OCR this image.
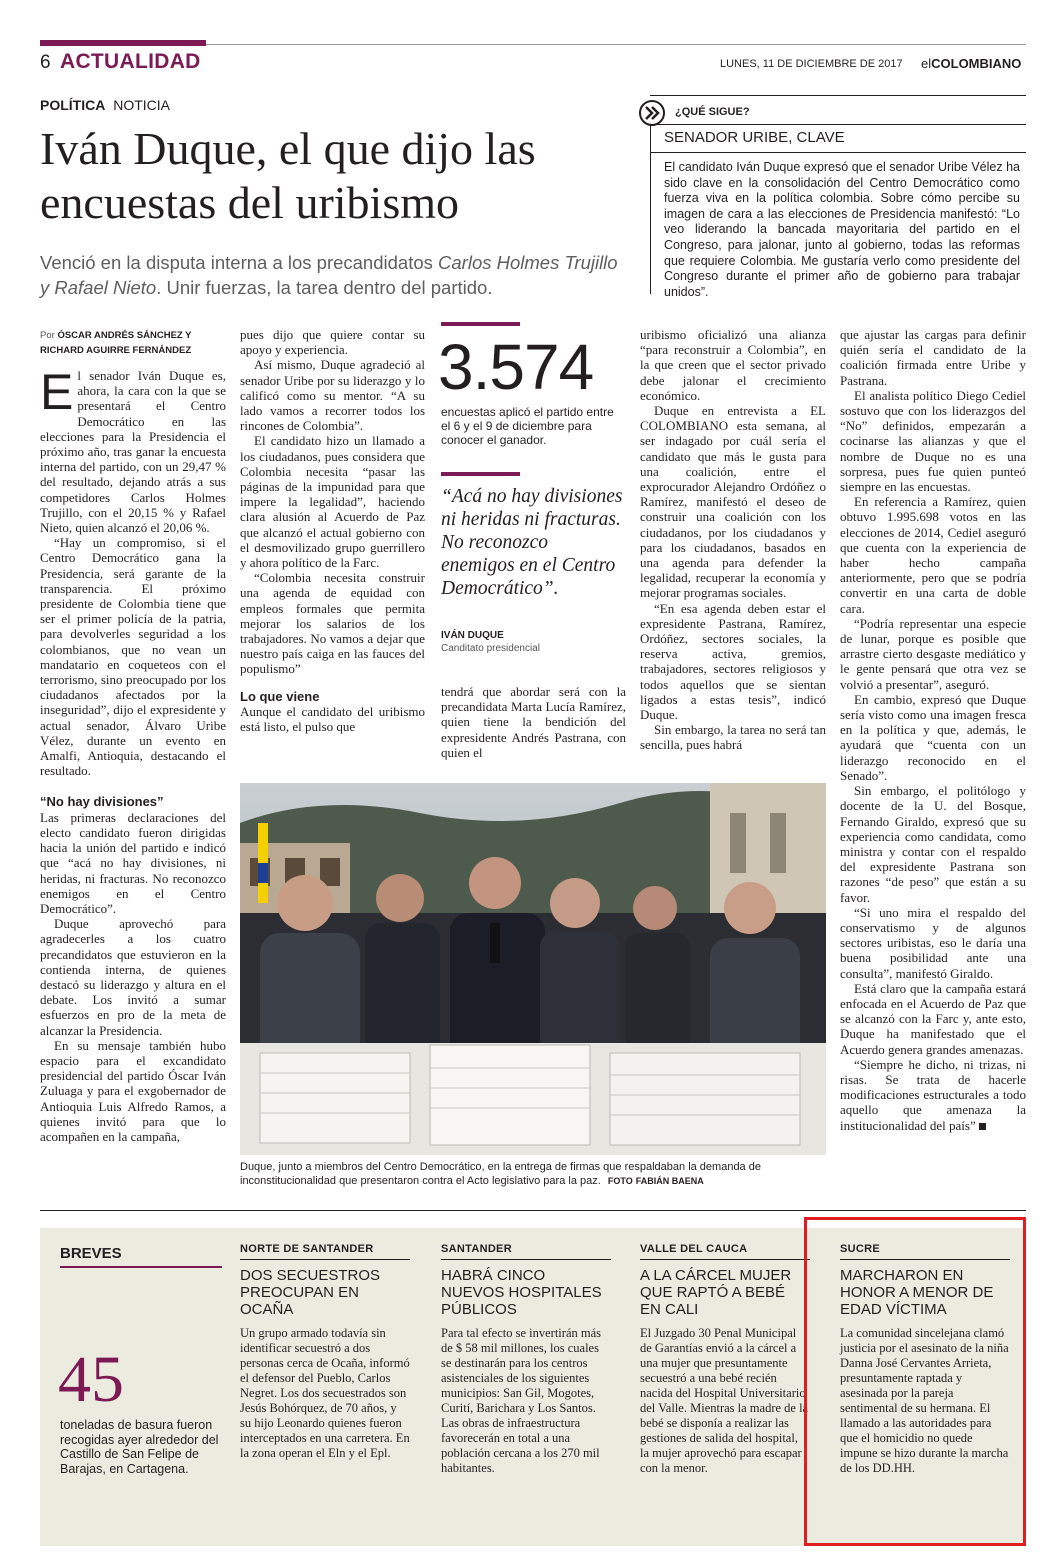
6 ACTUALIDAD	LUNES, 11 DE DICIEMBRE DE 2017 elCOLOMBIANO
POLÍTICA NOTICIA
Iván Duque, el que dijo las
encuestas del uribismo
Venció en la disputa interna a los precandidatos Carlos Holmes Trujillo y Rafael Nieto. Unir fuerzas, la tarea dentro del partido.
¿QUÉ SIGUE?
SENADOR URIBE, CLAVE
El candidato Iván Duque expresó que el senador Uribe Vélez ha sido clave en la consolidación del Centro Democrático como fuerza viva en la política colombia. Sobre cómo percibe su imagen de cara a las elecciones de Presidencia manifestó: “Lo veo liderando la bancada mayoritaria del partido en el Congreso, para jalonar, junto al gobierno, todas las reformas que requiere Colombia. Me gustaría verlo como presidente del Congreso durante el primer año de gobierno para trabajar unidos”.
Por ÓSCAR ANDRÉS SÁNCHEZ Y
RICHARD AGUIRRE FERNÁNDEZ
E l senador Iván Duque es, ahora, la cara con la que se presentará el Centro Democrático en las elecciones para la Presidencia el próximo año, tras ganar la encuesta interna del partido, con un 29,47 % del resultado, dejando atrás a sus competidores Carlos Holmes Trujillo, con el 20,15 % y Rafael Nieto, quien alcanzó el 20,06 %.

“Hay un compromiso, si el Centro Democrático gana la Presidencia, será garante de la transparencia. El próximo presidente de Colombia tiene que ser el primer policía de la patria, para devolverles seguridad a los colombianos, que no vean un mandatario en coqueteos con el terrorismo, sino preocupado por los ciudadanos afectados por la inseguridad”, dijo el expresidente y actual senador, Álvaro Uribe Vélez, durante un evento en Amalfi, Antioquia, destacando el resultado.

“No hay divisiones”

Las primeras declaraciones del electo candidato fueron dirigidas hacia la unión del partido e indicó que “acá no hay divisiones, ni heridas, ni fracturas. No reconozco enemigos en el Centro Democrático”.

Duque aprovechó para agradecerles a los cuatro precandidatos que estuvieron en la contienda interna, de quienes destacó su liderazgo y altura en el debate. Los invitó a sumar esfuerzos en pro de la meta de alcanzar la Presidencia.

En su mensaje también hubo espacio para el excandidato presidencial del partido Óscar Iván Zuluaga y para el exgobernador de Antioquia Luis Alfredo Ramos, a quienes invitó para que lo acompañen en la campaña,

pues dijo que quiere contar su apoyo y experiencia.

Así mismo, Duque agradeció al senador Uribe por su liderazgo y lo calificó como su mentor. “A su lado vamos a recorrer todos los rincones de Colombia”.

El candidato hizo un llamado a los ciudadanos, pues considera que Colombia necesita “pasar las páginas de la impunidad para que impere la legalidad”, haciendo clara alusión al Acuerdo de Paz que alcanzó el actual gobierno con el desmovilizado grupo guerrillero y ahora político de la Farc.

“Colombia necesita construir una agenda de equidad con empleos formales que permita mejorar los salarios de los trabajadores. No vamos a dejar que nuestro país caiga en las fauces del populismo”

Lo que viene

Aunque el candidato del uribismo está listo, el pulso que

3.574
encuestas aplicó el partido entre el 6 y el 9 de diciembre para conocer el ganador.
“Acá no hay divisiones ni heridas ni fracturas. No reconozco enemigos en el Centro Democrático”.
IVÁN DUQUE
Canditato presidencial

tendrá que abordar será con la precandidata Marta Lucía Ramírez, quien tiene la bendición del expresidente Andrés Pastrana, con quien el

uribismo oficializó una alianza “para reconstruir a Colombia”, en la que creen que el sector privado debe jalonar el crecimiento económico.

Duque en entrevista a EL COLOMBIANO esta semana, al ser indagado por cuál sería el candidato que más le gusta para una coalición, entre el exprocurador Alejandro Ordóñez o Ramírez, manifestó el deseo de construir una coalición con los ciudadanos, por los ciudadanos y para los ciudadanos, basados en una agenda para defender la legalidad, recuperar la economía y mejorar programas sociales.

“En esa agenda deben estar el expresidente Pastrana, Ramírez, Ordóñez, sectores sociales, la reserva activa, gremios, trabajadores, sectores religiosos y todos aquellos que se sientan ligados a estas tesis”, indicó Duque.

Sin embargo, la tarea no será tan sencilla, pues habrá

que ajustar las cargas para definir quién sería el candidato de la coalición firmada entre Uribe y Pastrana.

El analista político Diego Cediel sostuvo que con los liderazgos del “No” definidos, empezarán a cocinarse las alianzas y que el nombre de Duque no es una sorpresa, pues fue quien punteó siempre en las encuestas.

En referencia a Ramírez, quien obtuvo 1.995.698 votos en las elecciones de 2014, Cediel aseguró que cuenta con la experiencia de haber hecho campaña anteriormente, pero que se podría convertir en una carta de doble cara.

“Podría representar una especie de lunar, porque es posible que arrastre cierto desgaste mediático y le gente pensará que otra vez se volvió a presentar”, aseguró.

En cambio, expresó que Duque sería visto como una imagen fresca en la política y que, además, le ayudará que “cuenta con un liderazgo reconocido en el Senado”.

Sin embargo, el politólogo y docente de la U. del Bosque, Fernando Giraldo, expresó que su experiencia como candidata, como ministra y contar con el respaldo del expresidente Pastrana son razones “de peso” que están a su favor.

“Si uno mira el respaldo del conservatismo y de algunos sectores uribistas, eso le daría una buena posibilidad ante una consulta”, manifestó Giraldo.

Está claro que la campaña estará enfocada en el Acuerdo de Paz que se alcanzó con la Farc y, ante esto, Duque ha manifestado que el Acuerdo genera grandes amenazas.

“Siempre he dicho, ni trizas, ni risas. Se trata de hacerle modificaciones estructurales a todo aquello que amenaza la institucionalidad del país”

Duque, junto a miembros del Centro Democrático, en la entrega de firmas que respaldaban la demanda de inconstitucionalidad que presentaron contra el Acto legislativo para la paz. FOTO FABIÁN BAENA
BREVES
45
toneladas de basura fueron recogidas ayer alrededor del Castillo de San Felipe de Barajas, en Cartagena.
NORTE DE SANTANDER
DOS SECUESTROS PREOCUPAN EN OCAÑA
Un grupo armado todavía sin identificar secuestró a dos personas cerca de Ocaña, informó el defensor del Pueblo, Carlos Negret. Los dos secuestrados son Jesús Bohórquez, de 70 años, y su hijo Leonardo quienes fueron interceptados en una carretera. En la zona operan el Eln y el Epl.
SANTANDER
HABRÁ CINCO NUEVOS HOSPITALES PÚBLICOS
Para tal efecto se invertirán más de $ 58 mil millones, los cuales se destinarán para los centros asistenciales de los siguientes municipios: San Gil, Mogotes, Curití, Barichara y Los Santos. Las obras de infraestructura favorecerán en total a una población cercana a los 270 mil habitantes.
VALLE DEL CAUCA
A LA CÁRCEL MUJER QUE RAPTÓ A BEBÉ EN CALI
El Juzgado 30 Penal Municipal de Garantías envió a la cárcel a una mujer que presuntamente secuestró a una bebé recién nacida del Hospital Universitario del Valle. Mientras la madre de la bebé se disponía a realizar las gestiones de salida del hospital, la mujer aprovechó para escapar con la menor.
SUCRE
MARCHARON EN HONOR A MENOR DE EDAD VÍCTIMA
La comunidad sincelejana clamó justicia por el asesinato de la niña Danna José Cervantes Arrieta, presuntamente raptada y asesinada por la pareja sentimental de su hermana. El llamado a las autoridades para que el homicidio no quede impune se hizo durante la marcha de los DD.HH.
